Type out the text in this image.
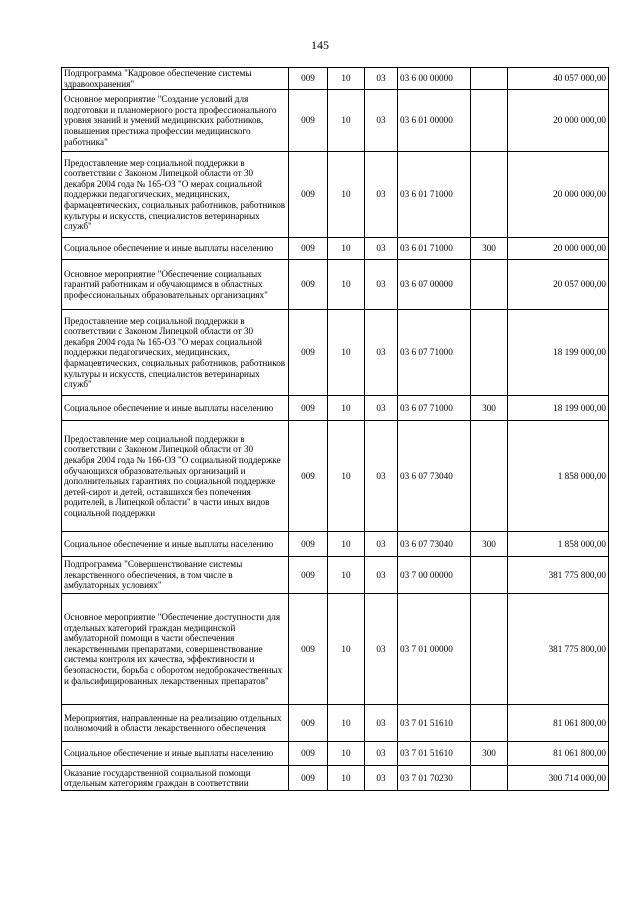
145
Подпрограмма "Кадровое обеспечение системы здравоохранения"	009	10	03	03 6 00 00000		40 057 000,00
Основное мероприятие "Создание условий для подготовки и планомерного роста профессионального уровня знаний и умений медицинских работников, повышения престижа профессии медицинского работника"	009	10	03	03 6 01 00000		20 000 000,00
Предоставление мер социальной поддержки в соответствии с Законом Липецкой области от 30 декабря 2004 года № 165-ОЗ "О мерах социальной поддержки педагогических, медицинских, фармацевтических, социальных работников, работников культуры и искусств, специалистов ветеринарных служб"	009	10	03	03 6 01 71000		20 000 000,00
Социальное обеспечение и иные выплаты населению	009	10	03	03 6 01 71000	300	20 000 000,00
Основное мероприятие "Обеспечение социальных гарантий работникам и обучающимся в областных профессиональных образовательных организациях"	009	10	03	03 6 07 00000		20 057 000,00
Предоставление мер социальной поддержки в соответствии с Законом Липецкой области от 30 декабря 2004 года № 165-ОЗ "О мерах социальной поддержки педагогических, медицинских, фармацевтических, социальных работников, работников культуры и искусств, специалистов ветеринарных служб"	009	10	03	03 6 07 71000		18 199 000,00
Социальное обеспечение и иные выплаты населению	009	10	03	03 6 07 71000	300	18 199 000,00
Предоставление мер социальной поддержки в соответствии с Законом Липецкой области от 30 декабря 2004 года № 166-ОЗ "О социальной поддержке обучающихся образовательных организаций и дополнительных гарантиях по социальной поддержке детей-сирот и детей, оставшихся без попечения родителей, в Липецкой области" в части иных видов социальной поддержки	009	10	03	03 6 07 73040		1 858 000,00
Социальное обеспечение и иные выплаты населению	009	10	03	03 6 07 73040	300	1 858 000,00
Подпрограмма "Совершенствование системы лекарственного обеспечения, в том числе в амбулаторных условиях"	009	10	03	03 7 00 00000		381 775 800,00
Основное мероприятие "Обеспечение доступности для отдельных категорий граждан медицинской амбулаторной помощи в части обеспечения лекарственными препаратами, совершенствование системы контроля их качества, эффективности и безопасности, борьба с оборотом недоброкачественных и фальсифицированных лекарственных препаратов"	009	10	03	03 7 01 00000		381 775 800,00
Мероприятия, направленные на реализацию отдельных полномочий в области лекарственного обеспечения	009	10	03	03 7 01 51610		81 061 800,00
Социальное обеспечение и иные выплаты населению	009	10	03	03 7 01 51610	300	81 061 800,00
Оказание государственной социальной помощи отдельным категориям граждан в соответствии	009	10	03	03 7 01 70230		300 714 000,00
